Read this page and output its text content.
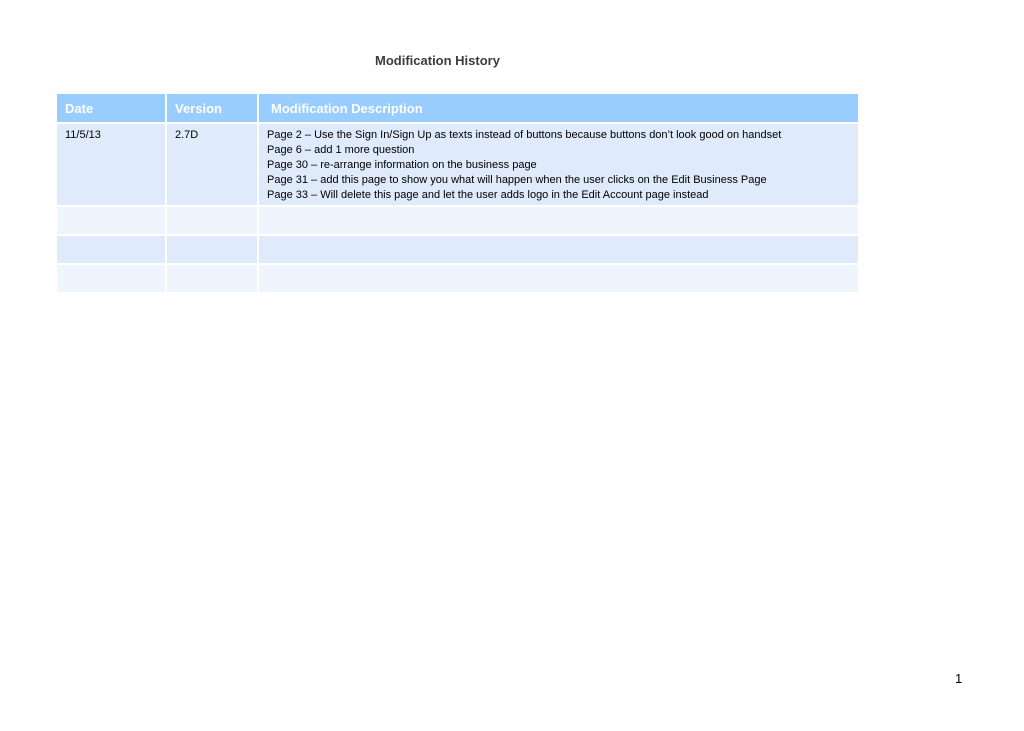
Modification History
Date	Version	Modification Description
11/5/13	2.7D	Page 2 – Use the Sign In/Sign Up as texts instead of buttons because buttons don’t look good on handset
Page 6 – add 1 more question
Page 30 – re-arrange information on the business page
Page 31 – add this page to show you what will happen when the user clicks on the Edit Business Page
Page 33 – Will delete this page and let the user adds logo in the Edit Account page instead

1
